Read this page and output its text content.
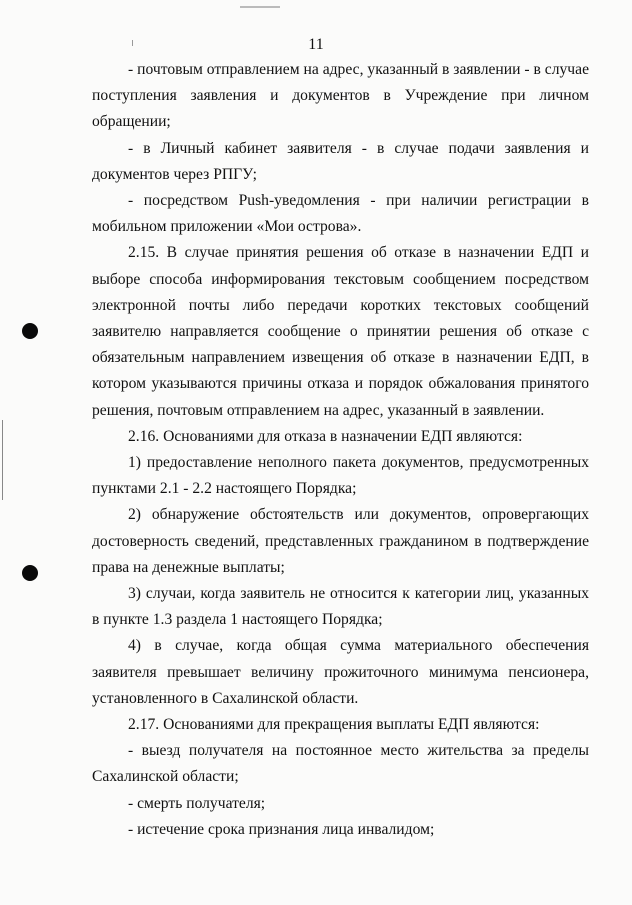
11

- почтовым отправлением на адрес, указанный в заявлении - в случае поступления заявления и документов в Учреждение при личном обращении;

- в Личный кабинет заявителя - в случае подачи заявления и документов через РПГУ;

- посредством Push-уведомления - при наличии регистрации в мобильном приложении «Мои острова».

2.15. В случае принятия решения об отказе в назначении ЕДП и выборе способа информирования текстовым сообщением посредством электронной почты либо передачи коротких текстовых сообщений заявителю направляется сообщение о принятии решения об отказе с обязательным направлением извещения об отказе в назначении ЕДП, в котором указываются причины отказа и порядок обжалования принятого решения, почтовым отправлением на адрес, указанный в заявлении.

2.16. Основаниями для отказа в назначении ЕДП являются:

1) предоставление неполного пакета документов, предусмотренных пунктами 2.1 - 2.2 настоящего Порядка;

2) обнаружение обстоятельств или документов, опровергающих достоверность сведений, представленных гражданином в подтверждение права на денежные выплаты;

3) случаи, когда заявитель не относится к категории лиц, указанных в пункте 1.3 раздела 1 настоящего Порядка;

4) в случае, когда общая сумма материального обеспечения заявителя превышает величину прожиточного минимума пенсионера, установленного в Сахалинской области.

2.17. Основаниями для прекращения выплаты ЕДП являются:

- выезд получателя на постоянное место жительства за пределы Сахалинской области;

- смерть получателя;

- истечение срока признания лица инвалидом;
